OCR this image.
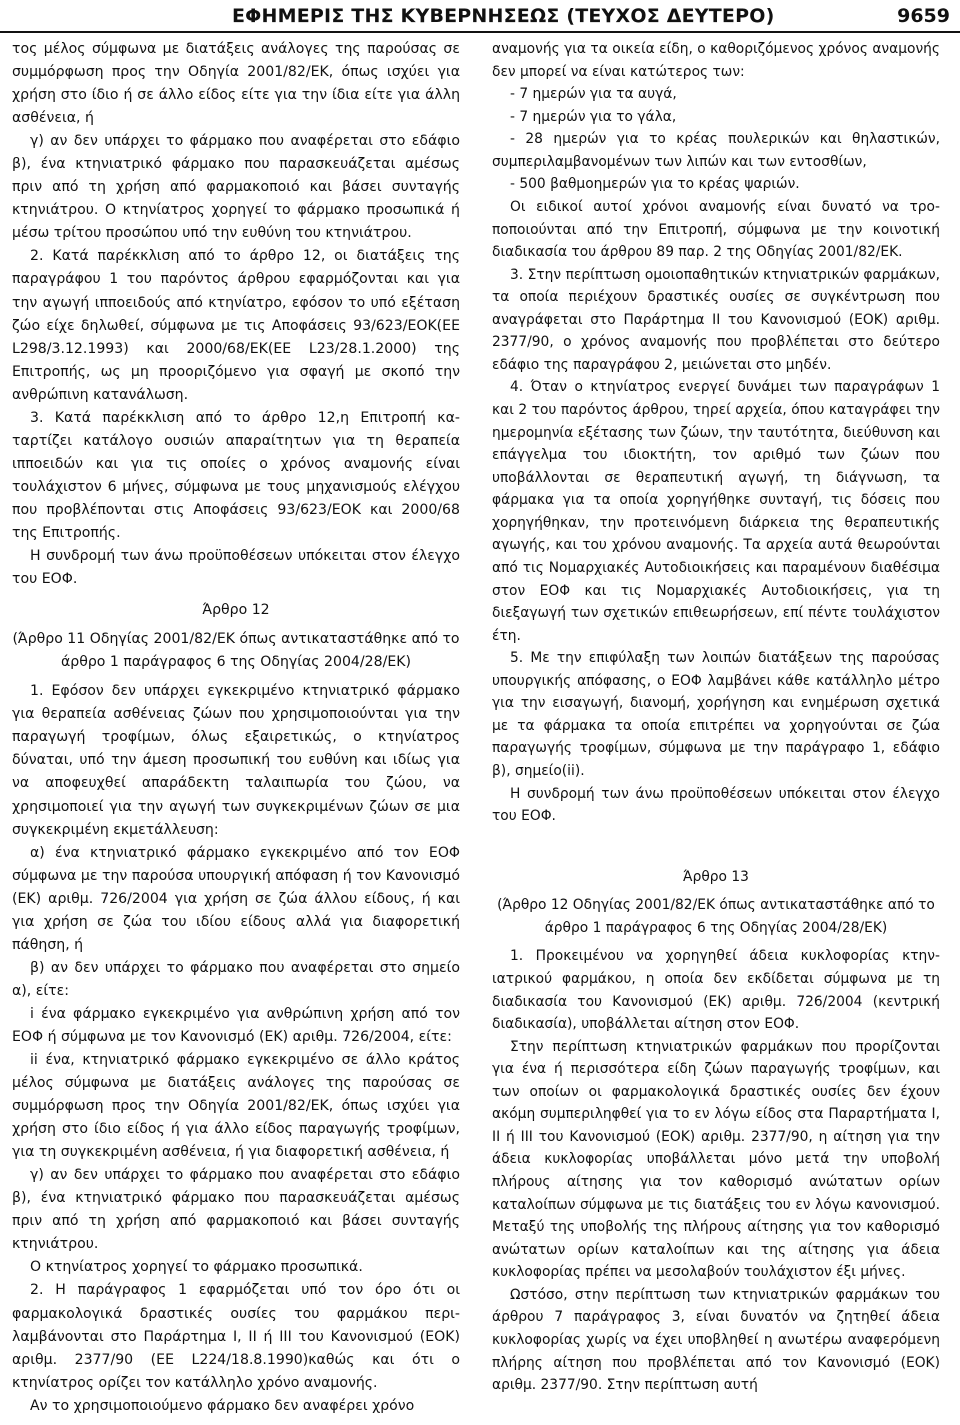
ΕΦΗΜΕΡΙΣ ΤΗΣ ΚΥΒΕΡΝΗΣΕΩΣ (ΤΕΥΧΟΣ ΔΕΥΤΕΡΟ)	9659

τος μέλος σύμφωνα με διατάξεις ανάλογες της παρούσας σε συμμόρφωση προς την Οδηγία 2001/82/ΕΚ, όπως ισχύει για χρήση στο ίδιο ή σε άλλο είδος είτε για την ίδια είτε για άλλη ασθένεια, ή

γ) αν δεν υπάρχει το φάρμακο που αναφέρεται στο εδάφιο β), ένα κτηνιατρικό φάρμακο που παρασκευάζεται αμέσως πριν από τη χρήση από φαρμακοποιό και βάσει συνταγής κτηνιάτρου. Ο κτηνίατρος χορηγεί το φάρμακο προσωπικά ή μέσω τρίτου προσώπου υπό την ευθύνη του κτηνιάτρου.

2. Κατά παρέκκλιση από το άρθρο 12, οι διατάξεις της παραγράφου 1 του παρόντος άρθρου εφαρμόζονται και για την αγωγή ιπποειδούς από κτηνίατρο, εφόσον το υπό εξέταση ζώο είχε δηλωθεί, σύμφωνα με τις Αποφάσεις 93/623/ΕΟΚ(ΕΕ L298/3.12.1993) και 2000/68/ΕΚ(ΕΕ L23/28.1.2000) της Επιτροπής, ως μη προοριζόμενο για σφαγή με σκοπό την ανθρώπινη κατανάλωση.

3. Κατά παρέκκλιση από το άρθρο 12,η Επιτροπή καταρτίζει κατάλογο ουσιών απαραίτητων για τη θεραπεία ιπποειδών και για τις οποίες ο χρόνος αναμονής είναι τουλάχιστον 6 μήνες, σύμφωνα με τους μηχανισμούς ελέγχου που προβλέπονται στις Αποφάσεις 93/623/ΕΟΚ και 2000/68 της Επιτροπής.

Η συνδρομή των άνω προϋποθέσεων υπόκειται στον έλεγχο του ΕΟΦ.

Άρθρο 12

(Άρθρο 11 Οδηγίας 2001/82/ΕΚ όπως αντικαταστάθηκε από το άρθρο 1 παράγραφος 6 της Οδηγίας 2004/28/ΕΚ)

1. Εφόσον δεν υπάρχει εγκεκριμένο κτηνιατρικό φάρμακο για θεραπεία ασθένειας ζώων που χρησιμοποιούνται για την παραγωγή τροφίμων, όλως εξαιρετικώς, ο κτηνίατρος δύναται, υπό την άμεση προσωπική του ευθύνη και ιδίως για να αποφευχθεί απαράδεκτη ταλαιπωρία του ζώου, να χρησιμοποιεί για την αγωγή των συγκεκριμένων ζώων σε μια συγκεκριμένη εκμετάλλευση:

α) ένα κτηνιατρικό φάρμακο εγκεκριμένο από τον ΕΟΦ σύμφωνα με την παρούσα υπουργική απόφαση ή τον Κανονισμό (ΕΚ) αριθμ. 726/2004 για χρήση σε ζώα άλλου είδους, ή και για χρήση σε ζώα του ιδίου είδους αλλά για διαφορετική πάθηση, ή

β) αν δεν υπάρχει το φάρμακο που αναφέρεται στο σημείο α), είτε:

i ένα φάρμακο εγκεκριμένο για ανθρώπινη χρήση από τον ΕΟΦ ή σύμφωνα με τον Κανονισμό (ΕΚ) αριθμ. 726/2004, είτε:

ii ένα, κτηνιατρικό φάρμακο εγκεκριμένο σε άλλο κράτος μέλος σύμφωνα με διατάξεις ανάλογες της παρούσας σε συμμόρφωση προς την Οδηγία 2001/82/ΕΚ, όπως ισχύει για χρήση στο ίδιο είδος ή για άλλο είδος παραγωγής τροφίμων, για τη συγκεκριμένη ασθένεια, ή για διαφορετική ασθένεια, ή

γ) αν δεν υπάρχει το φάρμακο που αναφέρεται στο εδάφιο β), ένα κτηνιατρικό φάρμακο που παρασκευάζεται αμέσως πριν από τη χρήση από φαρμακοποιό και βάσει συνταγής κτηνιάτρου.

Ο κτηνίατρος χορηγεί το φάρμακο προσωπικά.

2. Η παράγραφος 1 εφαρμόζεται υπό τον όρο ότι οι φαρμακολογικά δραστικές ουσίες του φαρμάκου περιλαμβάνονται στο Παράρτημα Ι, ΙΙ ή ΙΙΙ του Κανονισμού (ΕΟΚ) αριθμ. 2377/90 (ΕΕ L224/18.8.1990)καθώς και ότι ο κτηνίατρος ορίζει τον κατάλληλο χρόνο αναμονής.

Αν το χρησιμοποιούμενο φάρμακο δεν αναφέρει χρόνο

αναμονής για τα οικεία είδη, ο καθοριζόμενος χρόνος αναμονής δεν μπορεί να είναι κατώτερος των:

- 7 ημερών για τα αυγά,

- 7 ημερών για το γάλα,

- 28 ημερών για το κρέας πουλερικών και θηλαστικών, συμπεριλαμβανομένων των λιπών και των εντοσθίων,

- 500 βαθμοημερών για το κρέας ψαριών.

Οι ειδικοί αυτοί χρόνοι αναμονής είναι δυνατό να τροποποιούνται από την Επιτροπή, σύμφωνα με την κοινοτική διαδικασία του άρθρου 89 παρ. 2 της Οδηγίας 2001/82/ΕΚ.

3. Στην περίπτωση ομοιοπαθητικών κτηνιατρικών φαρμάκων, τα οποία περιέχουν δραστικές ουσίες σε συγκέντρωση που αναγράφεται στο Παράρτημα ΙΙ του Κανονισμού (ΕΟΚ) αριθμ. 2377/90, ο χρόνος αναμονής που προβλέπεται στο δεύτερο εδάφιο της παραγράφου 2, μειώνεται στο μηδέν.

4. Όταν ο κτηνίατρος ενεργεί δυνάμει των παραγράφων 1 και 2 του παρόντος άρθρου, τηρεί αρχεία, όπου καταγράφει την ημερομηνία εξέτασης των ζώων, την ταυτότητα, διεύθυνση και επάγγελμα του ιδιοκτήτη, τον αριθμό των ζώων που υποβάλλονται σε θεραπευτική αγωγή, τη διάγνωση, τα φάρμακα για τα οποία χορηγήθηκε συνταγή, τις δόσεις που χορηγήθηκαν, την προτεινόμενη διάρκεια της θεραπευτικής αγωγής, και του χρόνου αναμονής. Τα αρχεία αυτά θεωρούνται από τις Νομαρχιακές Αυτοδιοικήσεις και παραμένουν διαθέσιμα στον ΕΟΦ και τις Νομαρχιακές Αυτοδιοικήσεις, για τη διεξαγωγή των σχετικών επιθεωρήσεων, επί πέντε τουλάχιστον έτη.

5. Με την επιφύλαξη των λοιπών διατάξεων της παρούσας υπουργικής απόφασης, ο ΕΟΦ λαμβάνει κάθε κατάλληλο μέτρο για την εισαγωγή, διανομή, χορήγηση και ενημέρωση σχετικά με τα φάρμακα τα οποία επιτρέπει να χορηγούνται σε ζώα παραγωγής τροφίμων, σύμφωνα με την παράγραφο 1, εδάφιο β), σημείο(ii).

Η συνδρομή των άνω προϋποθέσεων υπόκειται στον έλεγχο του ΕΟΦ.

Άρθρο 13

(Άρθρο 12 Οδηγίας 2001/82/ΕΚ όπως αντικαταστάθηκε από το άρθρο 1 παράγραφος 6 της Οδηγίας 2004/28/ΕΚ)

1. Προκειμένου να χορηγηθεί άδεια κυκλοφορίας κτηνιατρικού φαρμάκου, η οποία δεν εκδίδεται σύμφωνα με τη διαδικασία του Κανονισμού (ΕΚ) αριθμ. 726/2004 (κεντρική διαδικασία), υποβάλλεται αίτηση στον ΕΟΦ.

Στην περίπτωση κτηνιατρικών φαρμάκων που πρoρίζονται για ένα ή περισσότερα είδη ζώων παραγωγής τροφίμων, και των οποίων οι φαρμακολογικά δραστικές ουσίες δεν έχουν ακόμη συμπεριληφθεί για το εν λόγω είδος στα Παραρτήματα Ι, ΙΙ ή ΙΙΙ του Κανονισμού (ΕΟΚ) αριθμ. 2377/90, η αίτηση για την άδεια κυκλοφορίας υποβάλλεται μόνο μετά την υποβολή πλήρους αίτησης για τον καθορισμό ανώτατων ορίων καταλοίπων σύμφωνα με τις διατάξεις του εν λόγω κανονισμού. Μεταξύ της υποβολής της πλήρους αίτησης για τον καθορισμό ανώτατων ορίων καταλοίπων και της αίτησης για άδεια κυκλοφορίας πρέπει να μεσολαβούν τουλάχιστον έξι μήνες.

Ωστόσο, στην περίπτωση των κτηνιατρικών φαρμάκων του άρθρου 7 παράγραφος 3, είναι δυνατόν να ζητηθεί άδεια κυκλοφορίας χωρίς να έχει υποβληθεί η ανωτέρω αναφερόμενη πλήρης αίτηση που προβλέπεται από τον Κανονισμό (ΕΟΚ) αριθμ. 2377/90. Στην περίπτωση αυτή
